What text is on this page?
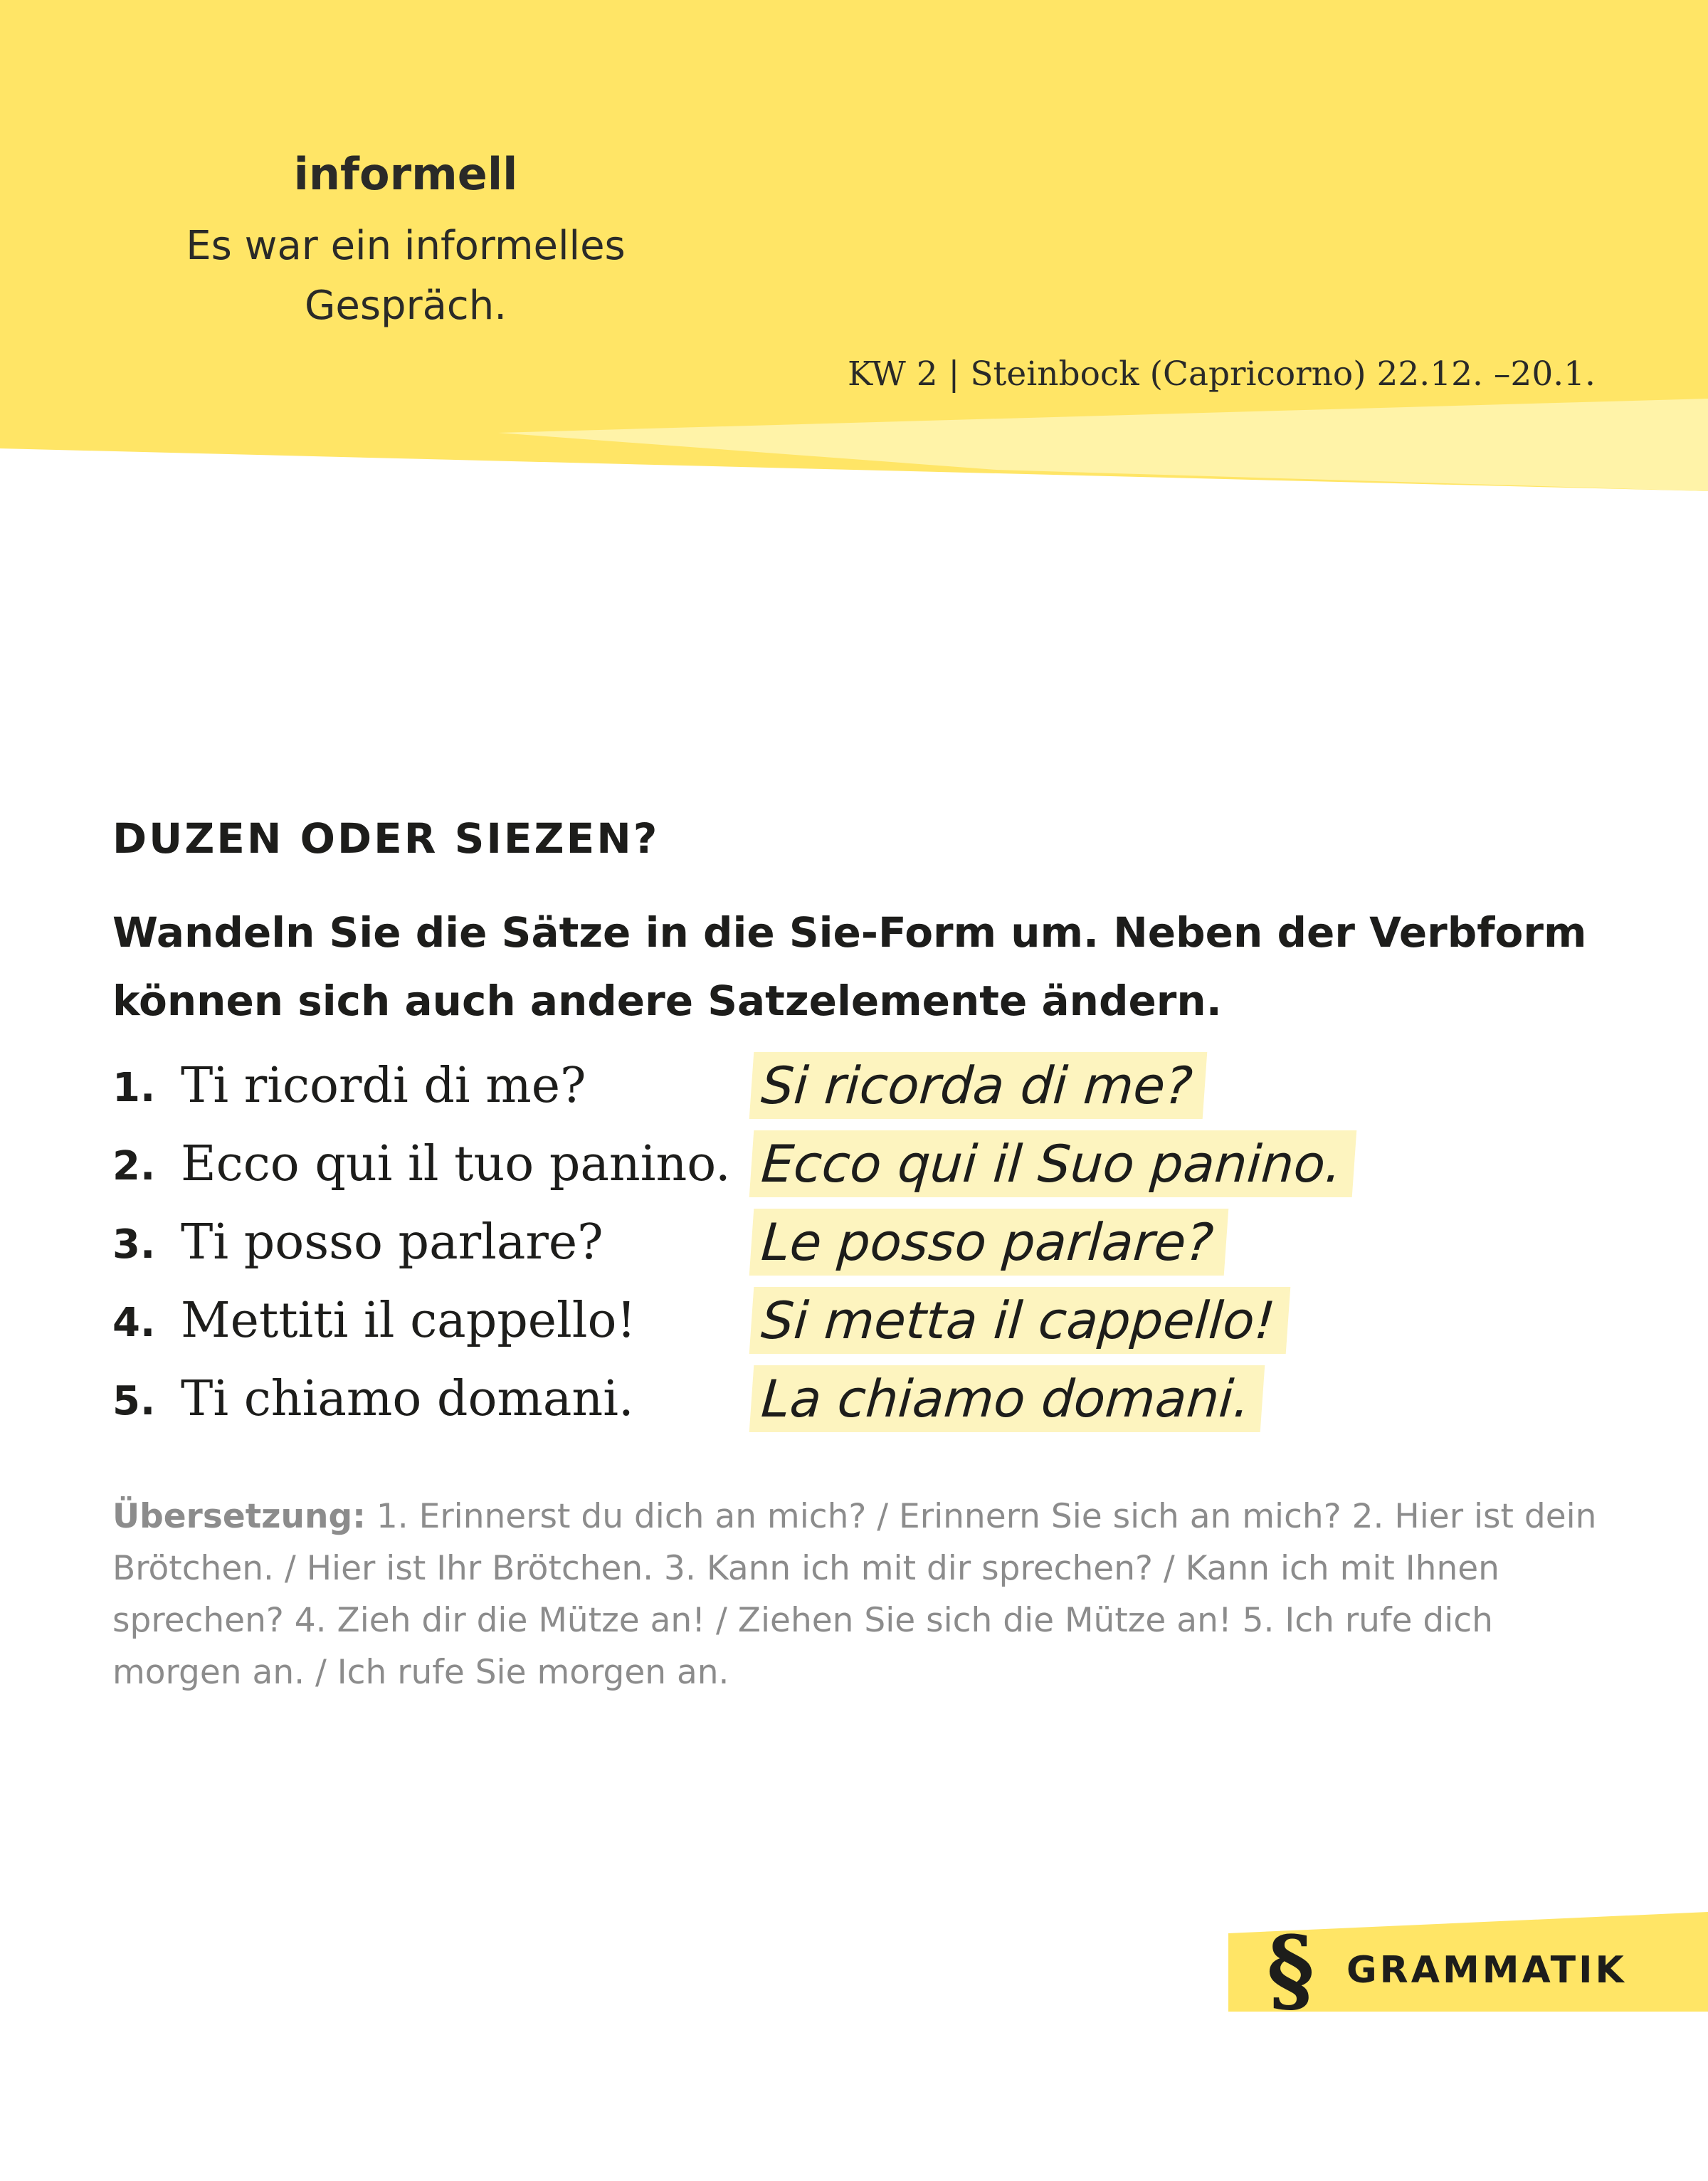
informell
Es war ein informelles
Gespräch.
KW 2 | Steinbock (Capricorno) 22.12. –20.1.
DUZEN ODER SIEZEN?
Wandeln Sie die Sätze in die Sie-Form um. Neben der Verbform
können sich auch andere Satzelemente ändern.
1. Ti ricordi di me?	Si ricorda di me?
2. Ecco qui il tuo panino. Ecco qui il Suo panino.
3. Ti posso parlare?	Le posso parlare?
4. Mettiti il cappello! Si metta il cappello!
5. Ti chiamo domani. La chiamo domani.
Übersetzung: 1. Erinnerst du dich an mich? / Erinnern Sie sich an mich? 2. Hier ist dein Brötchen. / Hier ist Ihr Brötchen. 3. Kann ich mit dir sprechen? / Kann ich mit Ihnen sprechen? 4. Zieh dir die Mütze an! / Ziehen Sie sich die Mütze an! 5. Ich rufe dich morgen an. / Ich rufe Sie morgen an.
§ GRAMMATIK
